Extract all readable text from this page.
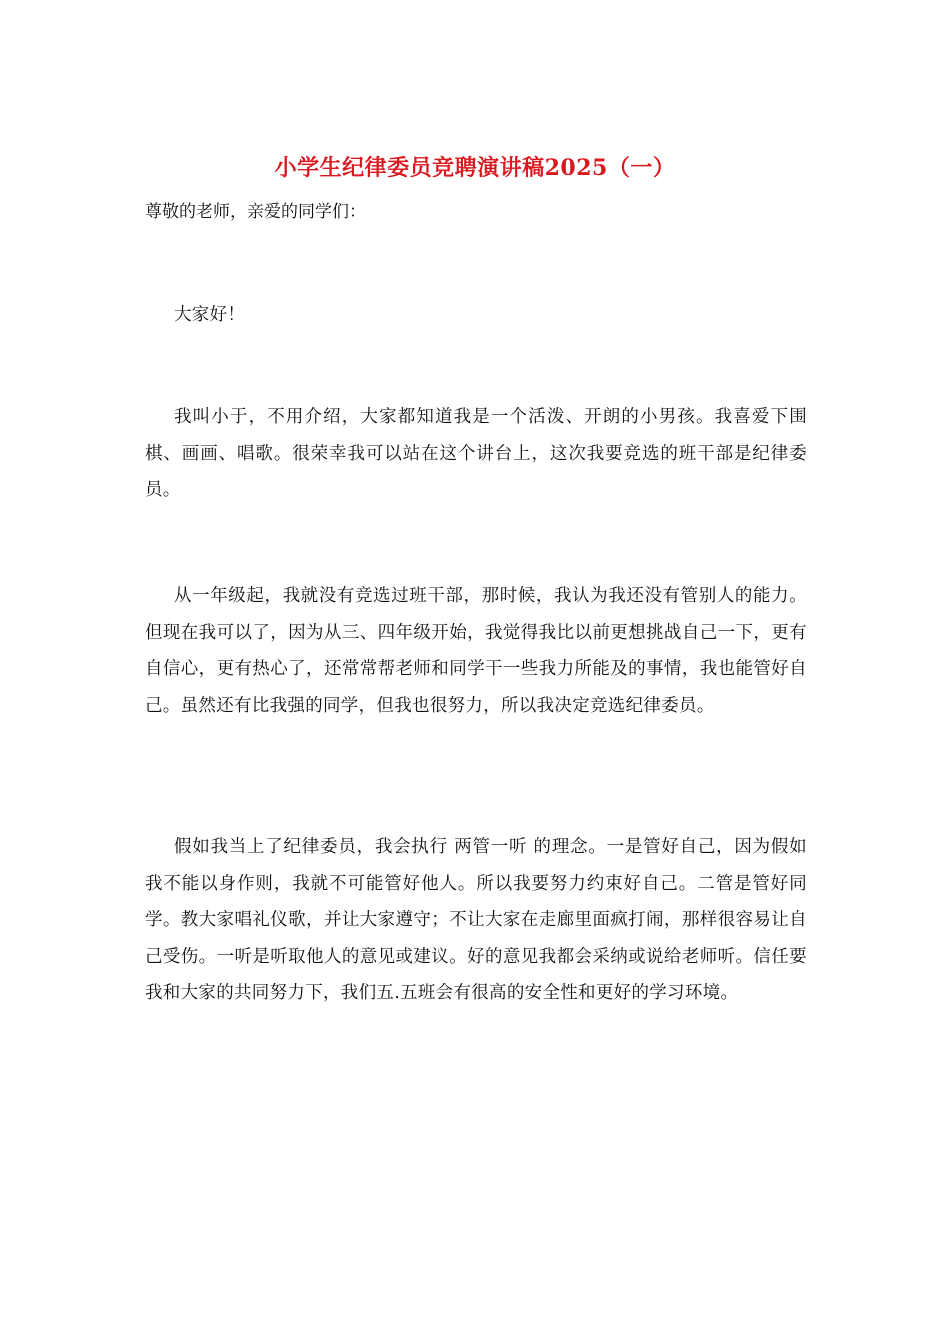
小学生纪律委员竞聘演讲稿2025（一）

尊敬的老师，亲爱的同学们：

大家好！

我叫小于，不用介绍，大家都知道我是一个活泼、开朗的小男孩。我喜爱下围棋、画画、唱歌。很荣幸我可以站在这个讲台上，这次我要竞选的班干部是纪律委员。

从一年级起，我就没有竞选过班干部，那时候，我认为我还没有管别人的能力。但现在我可以了，因为从三、四年级开始，我觉得我比以前更想挑战自己一下，更有自信心，更有热心了，还常常帮老师和同学干一些我力所能及的事情，我也能管好自己。虽然还有比我强的同学，但我也很努力，所以我决定竞选纪律委员。

假如我当上了纪律委员，我会执行 两管一听 的理念。一是管好自己，因为假如我不能以身作则，我就不可能管好他人。所以我要努力约束好自己。二管是管好同学。教大家唱礼仪歌，并让大家遵守；不让大家在走廊里面疯打闹，那样很容易让自己受伤。一听是听取他人的意见或建议。好的意见我都会采纳或说给老师听。信任要我和大家的共同努力下，我们五.五班会有很高的安全性和更好的学习环境。
